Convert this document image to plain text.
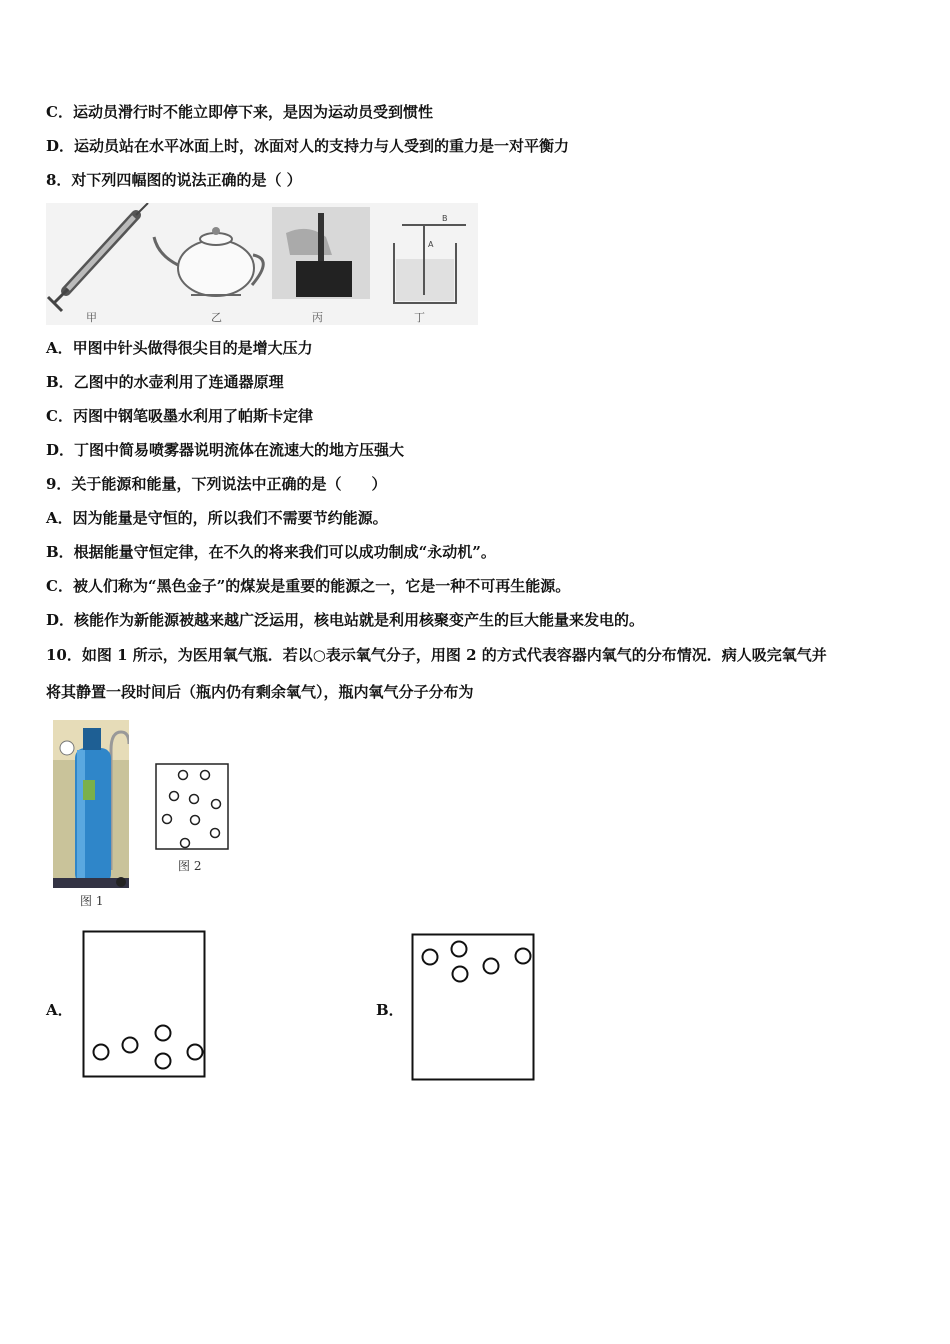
C．运动员滑行时不能立即停下来，是因为运动员受到惯性
D．运动员站在水平冰面上时，冰面对人的支持力与人受到的重力是一对平衡力
8．对下列四幅图的说法正确的是（ ）
B
A
甲	乙	丙	丁
A．甲图中针头做得很尖目的是增大压力
B．乙图中的水壶利用了连通器原理
C．丙图中钢笔吸墨水利用了帕斯卡定律
D．丁图中简易喷雾器说明流体在流速大的地方压强大
9．关于能源和能量，下列说法中正确的是（　　）
A．因为能量是守恒的，所以我们不需要节约能源。
B．根据能量守恒定律，在不久的将来我们可以成功制成“永动机”。
C．被人们称为“黑色金子”的煤炭是重要的能源之一，它是一种不可再生能源。
D．核能作为新能源被越来越广泛运用，核电站就是利用核聚变产生的巨大能量来发电的。
10．如图 1 所示，为医用氧气瓶．若以○表示氧气分子，用图 2 的方式代表容器内氧气的分布情况．病人吸完氧气并
将其静置一段时间后（瓶内仍有剩余氧气），瓶内氧气分子分布为
图 1
图 2
A．	B．
